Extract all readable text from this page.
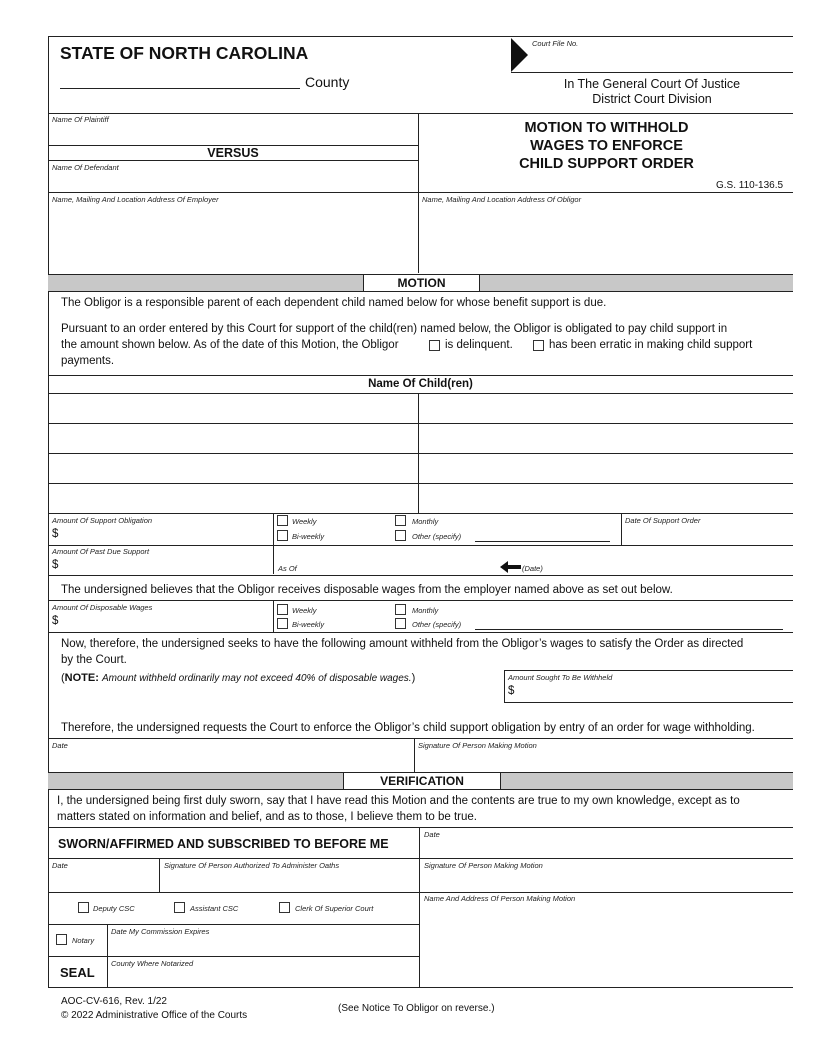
STATE OF NORTH CAROLINA
County
Court File No.
In The General Court Of Justice
District Court Division
Name Of Plaintiff
VERSUS
Name Of Defendant
Name, Mailing And Location Address Of Employer	Name, Mailing And Location Address Of Obligor
MOTION TO WITHHOLD
WAGES TO ENFORCE
CHILD SUPPORT ORDER
G.S. 110-136.5
MOTION
The Obligor is a responsible parent of each dependent child named below for whose benefit support is due.
Pursuant to an order entered by this Court for support of the child(ren) named below, the Obligor is obligated to pay child support in
the amount shown below. As of the date of this Motion, the Obligor	is delinquent.	has been erratic in making child support
payments.
Name Of Child(ren)
Amount Of Support Obligation
$
Weekly
Bi-weekly
Monthly
Other (specify)
Date Of Support Order
Amount Of Past Due Support
$	As Of	(Date)
The undersigned believes that the Obligor receives disposable wages from the employer named above as set out below.
Amount Of Disposable Wages
$
Weekly
Bi-weekly
Monthly
Other (specify)
Now, therefore, the undersigned seeks to have the following amount withheld from the Obligor’s wages to satisfy the Order as directed
by the Court.
(NOTE: Amount withheld ordinarily may not exceed 40% of disposable wages.)	Amount Sought To Be Withheld
$
Therefore, the undersigned requests the Court to enforce the Obligor’s child support obligation by entry of an order for wage withholding.
Date	Signature Of Person Making Motion
VERIFICATION
I, the undersigned being first duly sworn, say that I have read this Motion and the contents are true to my own knowledge, except as to
matters stated on information and belief, and as to those, I believe them to be true.
SWORN/AFFIRMED AND SUBSCRIBED TO BEFORE ME
Date
Date	Signature Of Person Authorized To Administer Oaths	Signature Of Person Making Motion
Name And Address Of Person Making Motion
Deputy CSC	Assistant CSC	Clerk Of Superior Court
Notary
Date My Commission Expires
SEAL
County Where Notarized
AOC-CV-616, Rev. 1/22
© 2022 Administrative Office of the Courts
(See Notice To Obligor on reverse.)
